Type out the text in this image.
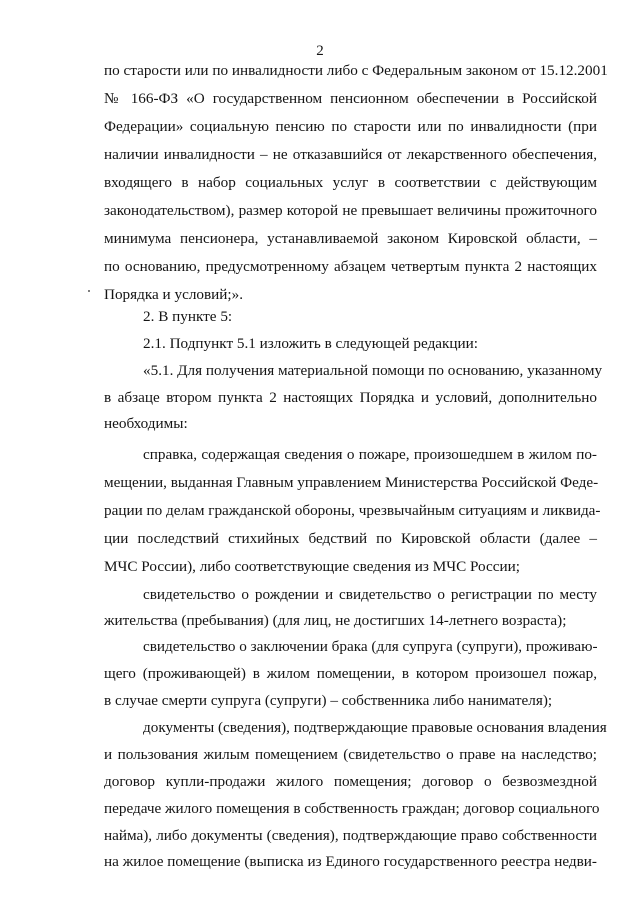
2
по старости или по инвалидности либо с Федеральным законом от 15.12.2001
№ 166-ФЗ «О государственном пенсионном обеспечении в Российской
Федерации» социальную пенсию по старости или по инвалидности (при
наличии инвалидности – не отказавшийся от лекарственного обеспечения,
входящего в набор социальных услуг в соответствии с действующим
законодательством), размер которой не превышает величины прожиточного
минимума пенсионера, устанавливаемой законом Кировской области, –
по основанию, предусмотренному абзацем четвертым пункта 2 настоящих
Порядка и условий;».
2. В пункте 5:
2.1. Подпункт 5.1 изложить в следующей редакции:
«5.1. Для получения материальной помощи по основанию, указанному
в абзаце втором пункта 2 настоящих Порядка и условий, дополнительно
необходимы:
справка, содержащая сведения о пожаре, произошедшем в жилом по-
мещении, выданная Главным управлением Министерства Российской Феде-
рации по делам гражданской обороны, чрезвычайным ситуациям и ликвида-
ции последствий стихийных бедствий по Кировской области (далее –
МЧС России), либо соответствующие сведения из МЧС России;
свидетельство о рождении и свидетельство о регистрации по месту
жительства (пребывания) (для лиц, не достигших 14-летнего возраста);
свидетельство о заключении брака (для супруга (супруги), проживаю-
щего (проживающей) в жилом помещении, в котором произошел пожар,
в случае смерти супруга (супруги) – собственника либо нанимателя);
документы (сведения), подтверждающие правовые основания владения
и пользования жилым помещением (свидетельство о праве на наследство;
договор купли-продажи жилого помещения; договор о безвозмездной
передаче жилого помещения в собственность граждан; договор социального
найма), либо документы (сведения), подтверждающие право собственности
на жилое помещение (выписка из Единого государственного реестра недви-
